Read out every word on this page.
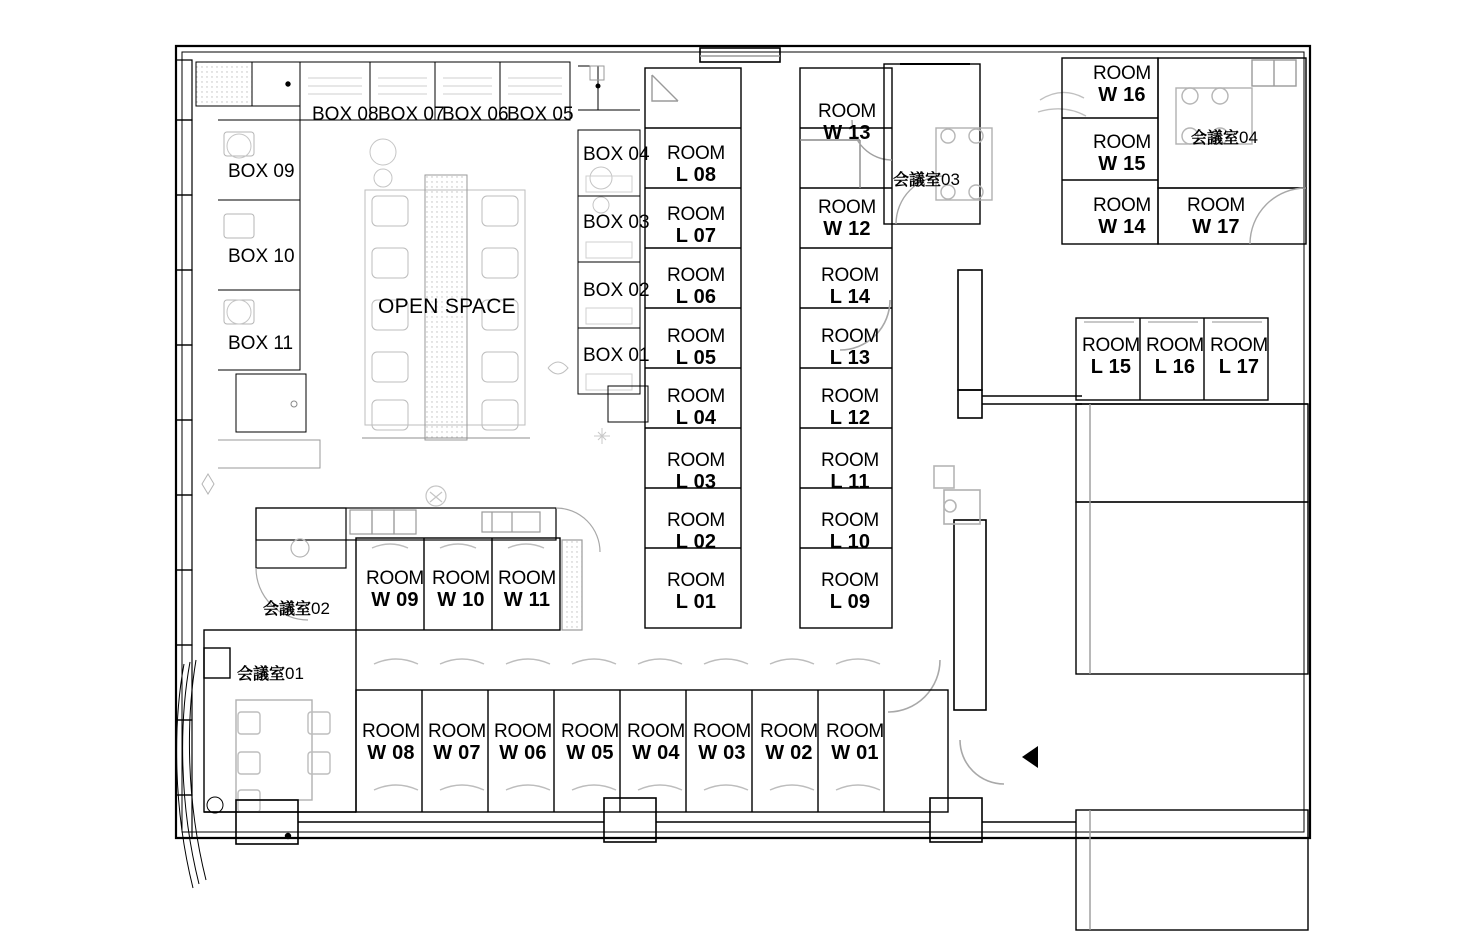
BOX 08 BOX 07
BOX 06
BOX 05
BOX 09
BOX 10
BOX 11
BOX 04
BOX 03
BOX 02
BOX 01
OPEN SPACE
会議室01
会議室02
会議室03
会議室04
ROOM
L 08
ROOM
L 07
ROOM
L 06
ROOM
L 05
ROOM
L 04
ROOM
L 03
ROOM
L 02
ROOM
L 01
ROOM
W 13
ROOM
W 12
ROOM
L 14
ROOM
L 13
ROOM
L 12
ROOM
L 11
ROOM
L 10
ROOM
L 09
ROOM
W 16
ROOM
W 15
ROOM
W 14
ROOM
W 17
ROOM
L 15
ROOM
L 16
ROOM
L 17
ROOM
W 09
ROOM
W 10
ROOM
W 11
ROOM
W 08
ROOM
W 07
ROOM
W 06
ROOM
W 05
ROOM
W 04
ROOM
W 03
ROOM
W 02
ROOM
W 01
